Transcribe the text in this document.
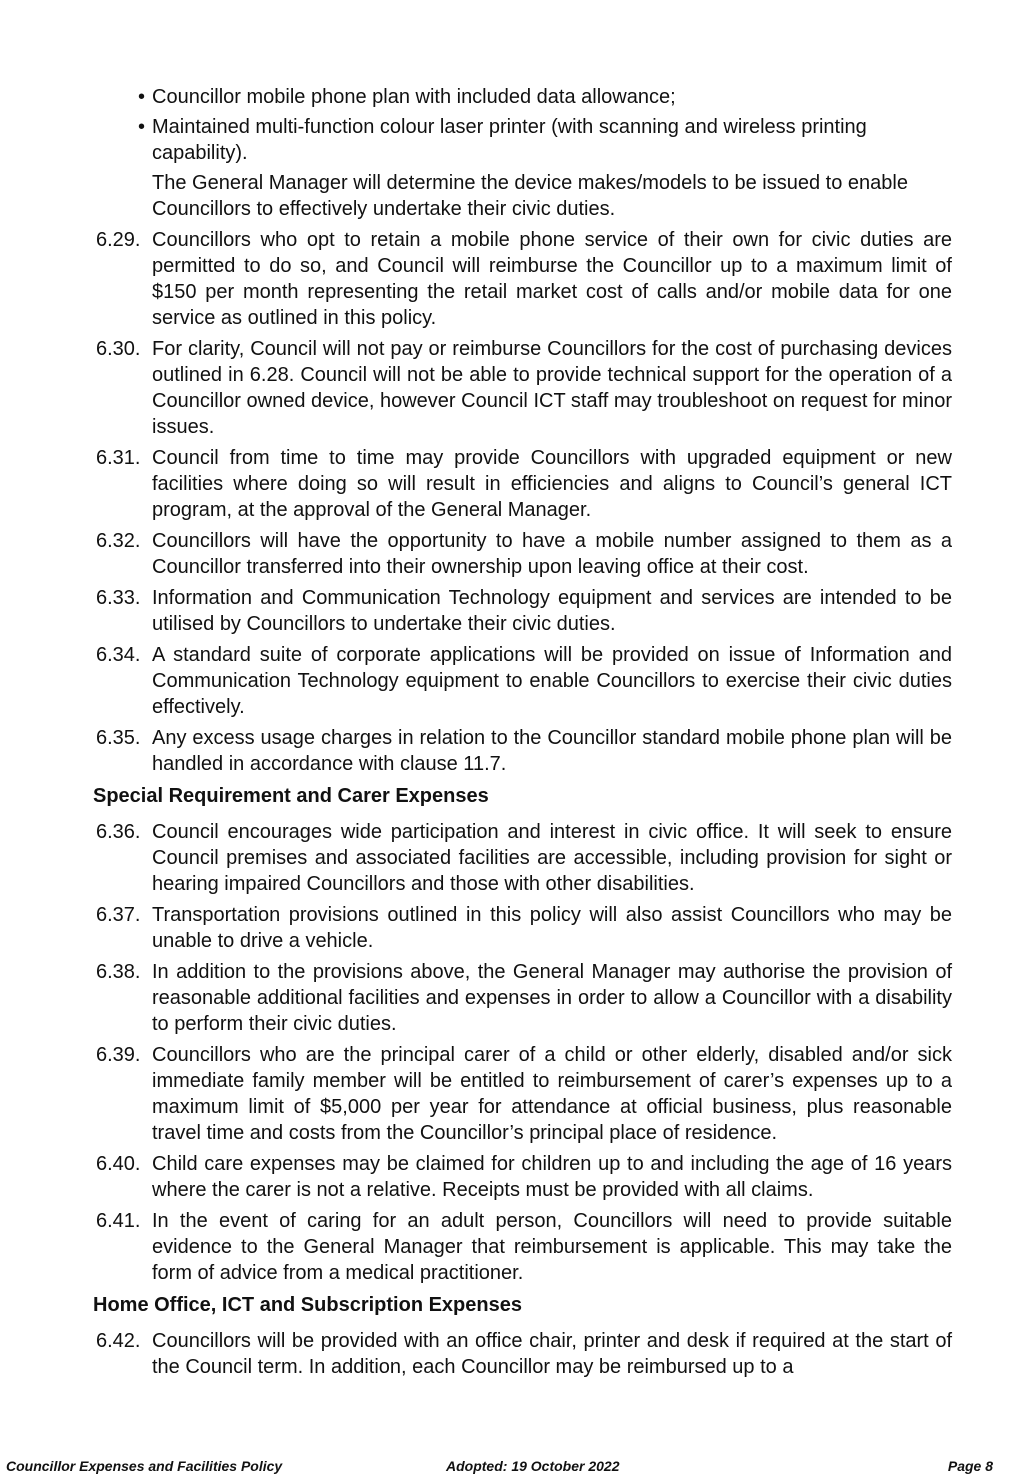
• Councillor mobile phone plan with included data allowance;
• Maintained multi-function colour laser printer (with scanning and wireless printing capability).
The General Manager will determine the device makes/models to be issued to enable Councillors to effectively undertake their civic duties.
6.29. Councillors who opt to retain a mobile phone service of their own for civic duties are permitted to do so, and Council will reimburse the Councillor up to a maximum limit of $150 per month representing the retail market cost of calls and/or mobile data for one service as outlined in this policy.
6.30. For clarity, Council will not pay or reimburse Councillors for the cost of purchasing devices outlined in 6.28. Council will not be able to provide technical support for the operation of a Councillor owned device, however Council ICT staff may troubleshoot on request for minor issues.
6.31. Council from time to time may provide Councillors with upgraded equipment or new facilities where doing so will result in efficiencies and aligns to Council’s general ICT program, at the approval of the General Manager.
6.32. Councillors will have the opportunity to have a mobile number assigned to them as a Councillor transferred into their ownership upon leaving office at their cost.
6.33. Information and Communication Technology equipment and services are intended to be utilised by Councillors to undertake their civic duties.
6.34. A standard suite of corporate applications will be provided on issue of Information and Communication Technology equipment to enable Councillors to exercise their civic duties effectively.
6.35. Any excess usage charges in relation to the Councillor standard mobile phone plan will be handled in accordance with clause 11.7.
Special Requirement and Carer Expenses
6.36. Council encourages wide participation and interest in civic office. It will seek to ensure Council premises and associated facilities are accessible, including provision for sight or hearing impaired Councillors and those with other disabilities.
6.37. Transportation provisions outlined in this policy will also assist Councillors who may be unable to drive a vehicle.
6.38. In addition to the provisions above, the General Manager may authorise the provision of reasonable additional facilities and expenses in order to allow a Councillor with a disability to perform their civic duties.
6.39. Councillors who are the principal carer of a child or other elderly, disabled and/or sick immediate family member will be entitled to reimbursement of carer’s expenses up to a maximum limit of $5,000 per year for attendance at official business, plus reasonable travel time and costs from the Councillor’s principal place of residence.
6.40. Child care expenses may be claimed for children up to and including the age of 16 years where the carer is not a relative. Receipts must be provided with all claims.
6.41. In the event of caring for an adult person, Councillors will need to provide suitable evidence to the General Manager that reimbursement is applicable. This may take the form of advice from a medical practitioner.
Home Office, ICT and Subscription Expenses
6.42. Councillors will be provided with an office chair, printer and desk if required at the start of the Council term. In addition, each Councillor may be reimbursed up to a
Councillor Expenses and Facilities Policy	Adopted: 19 October 2022	Page 8
